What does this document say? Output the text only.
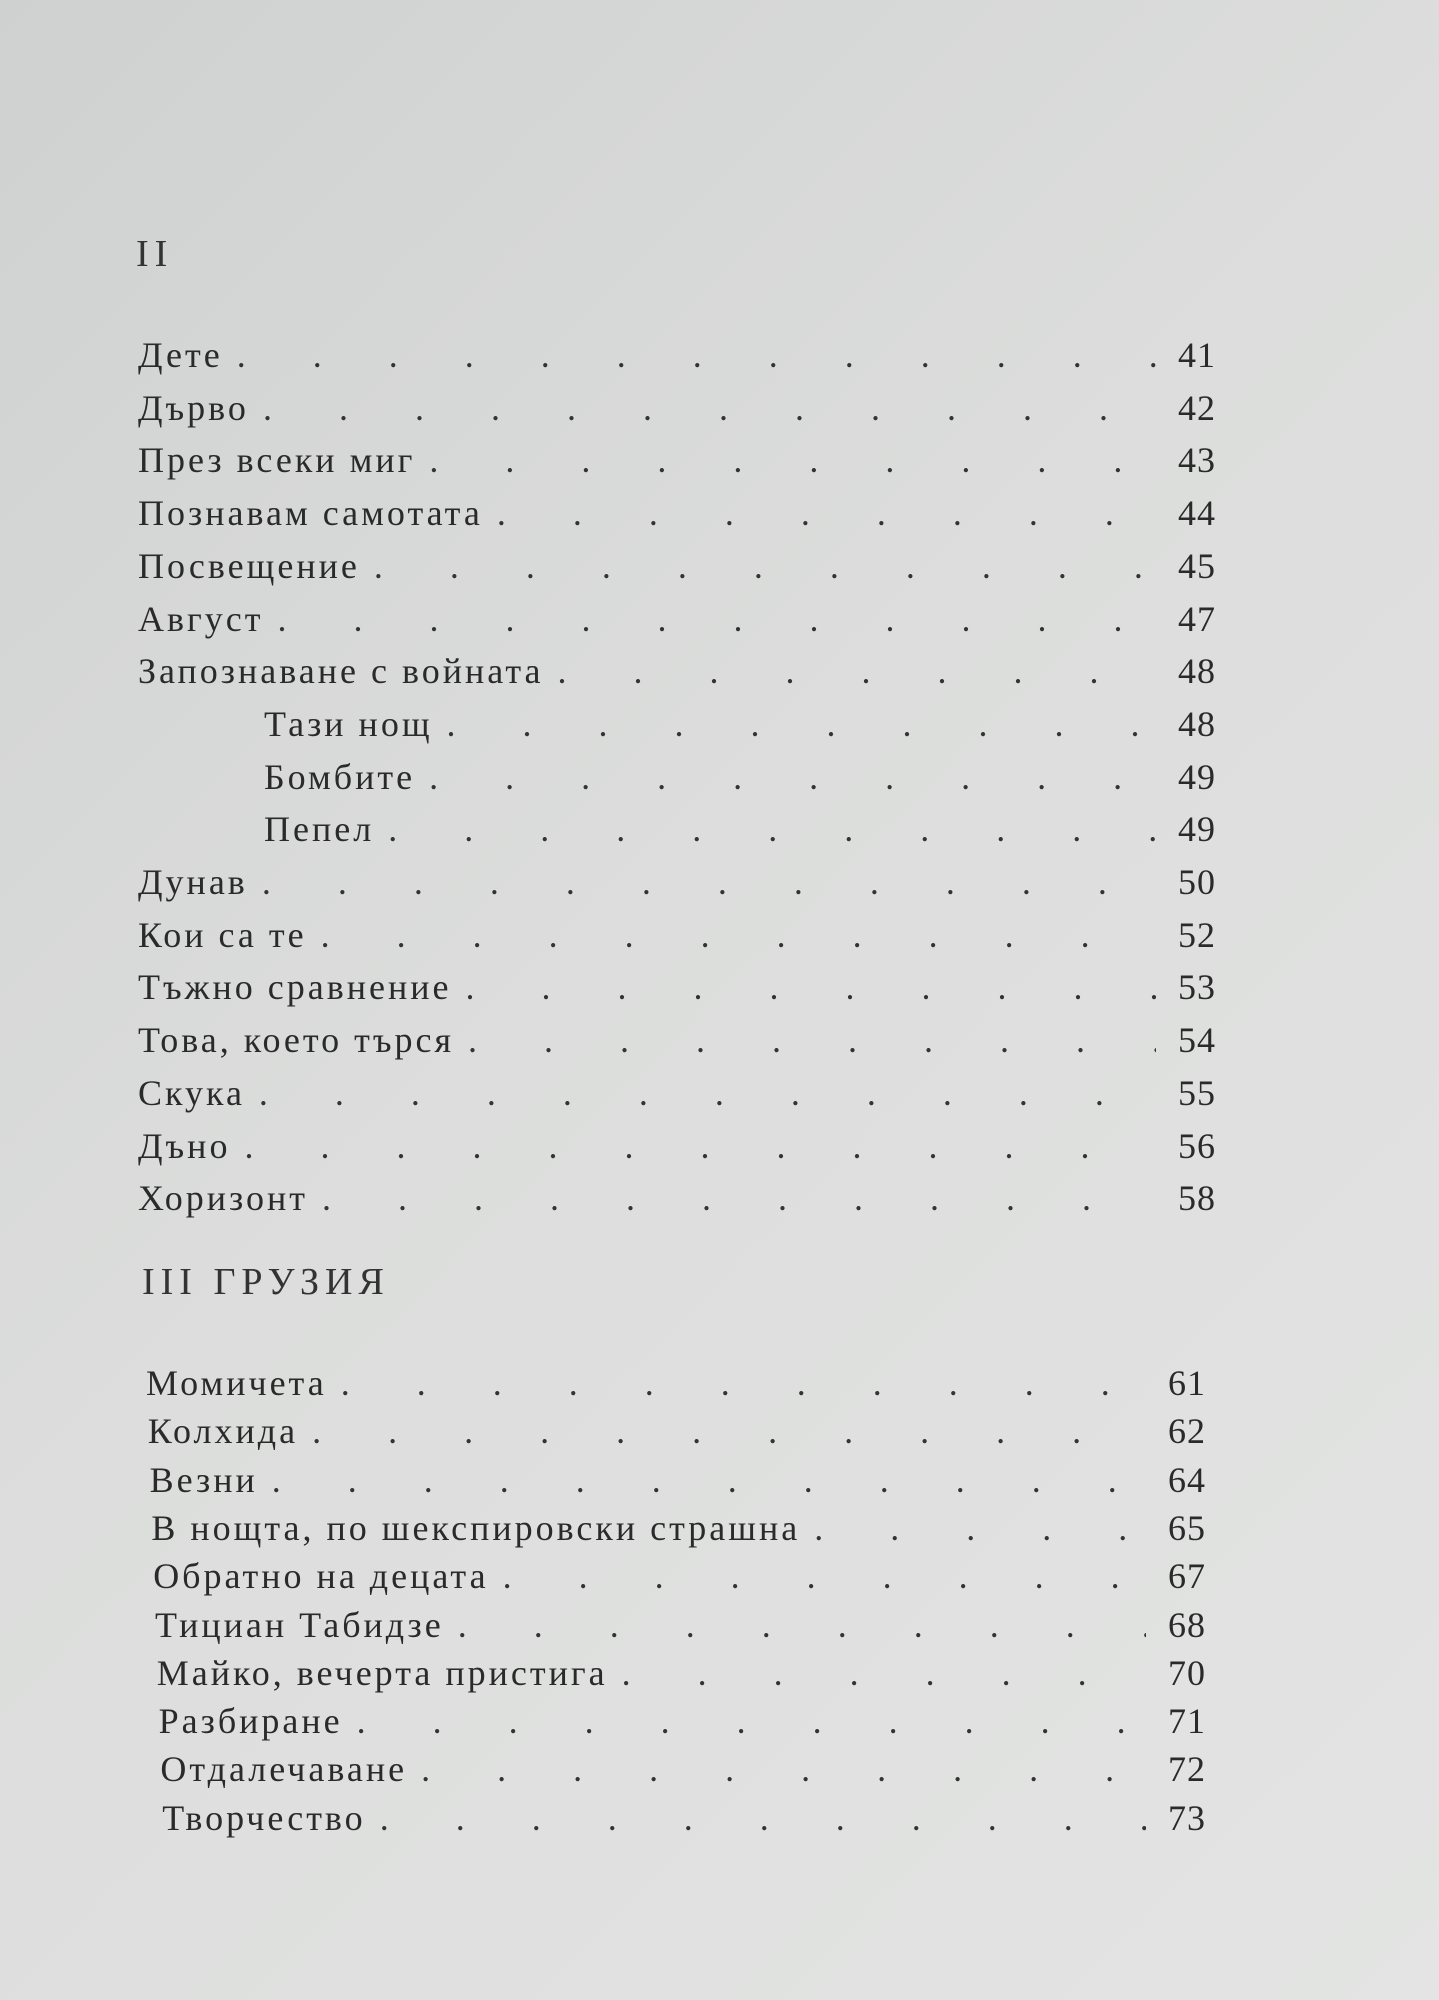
II
Дете . . .	41
Дърво . . .	42
През всеки миг . . .	43
Познавам самотата . . .	44
Посвещение . . .	45
Август . . .	47
Запознаване с войната . . .	48
Тази нощ . . .	48
Бомбите . . .	49
Пепел . . .	49
Дунав . . .	50
Кои са те . . .	52
Тъжно сравнение . . .	53
Това, което търся . . .	54
Скука . . .	55
Дъно . . .	56
Хоризонт . . .	58
III ГРУЗИЯ
Момичета . . .	61
Колхида . . .	62
Везни . . .	64
В нощта, по шекспировски страшна . . .	65
Обратно на децата . . .	67
Тициан Табидзе . . .	68
Майко, вечерта пристига . . .	70
Разбиране . . .	71
Отдалечаване . . .	72
Творчество . . .	73
